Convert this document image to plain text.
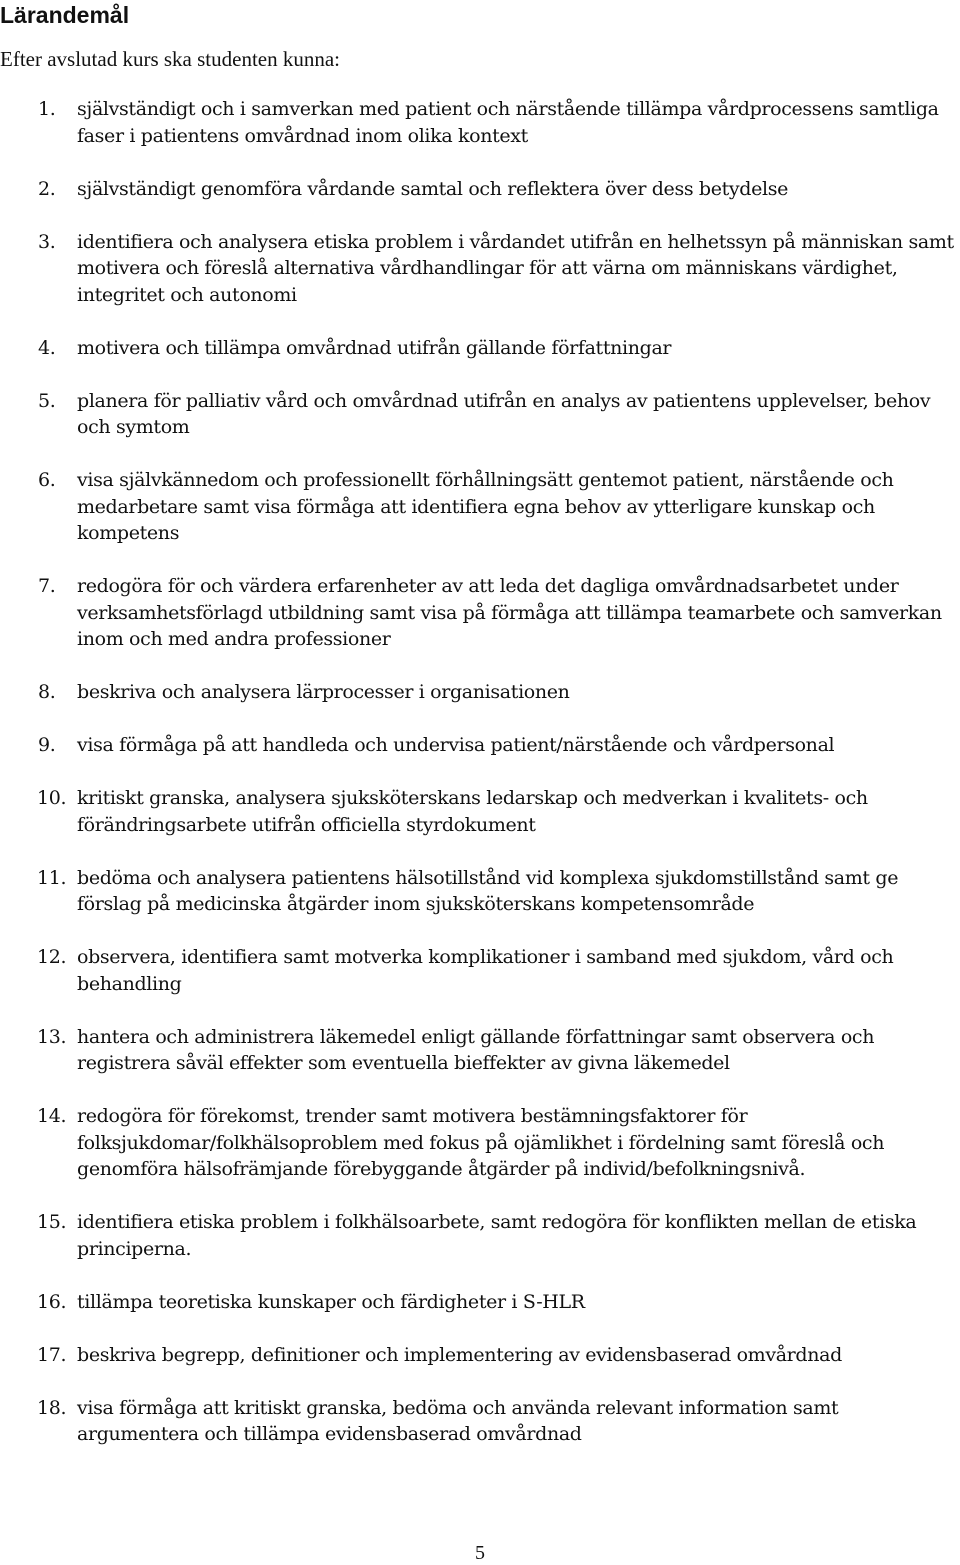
Lärandemål

Efter avslutad kurs ska studenten kunna:

1. självständigt och i samverkan med patient och närstående tillämpa vårdprocessens samtliga faser i patientens omvårdnad inom olika kontext
2. självständigt genomföra vårdande samtal och reflektera över dess betydelse
3. identifiera och analysera etiska problem i vårdandet utifrån en helhetssyn på människan samt motivera och föreslå alternativa vårdhandlingar för att värna om människans värdighet, integritet och autonomi
4. motivera och tillämpa omvårdnad utifrån gällande författningar
5. planera för palliativ vård och omvårdnad utifrån en analys av patientens upplevelser, behov och symtom
6. visa självkännedom och professionellt förhållningsätt gentemot patient, närstående och medarbetare samt visa förmåga att identifiera egna behov av ytterligare kunskap och kompetens
7. redogöra för och värdera erfarenheter av att leda det dagliga omvårdnadsarbetet under verksamhetsförlagd utbildning samt visa på förmåga att tillämpa teamarbete och samverkan inom och med andra professioner
8. beskriva och analysera lärprocesser i organisationen
9. visa förmåga på att handleda och undervisa patient/närstående och vårdpersonal
10. kritiskt granska, analysera sjuksköterskans ledarskap och medverkan i kvalitets- och förändringsarbete utifrån officiella styrdokument
11. bedöma och analysera patientens hälsotillstånd vid komplexa sjukdomstillstånd samt ge förslag på medicinska åtgärder inom sjuksköterskans kompetensområde
12. observera, identifiera samt motverka komplikationer i samband med sjukdom, vård och behandling
13. hantera och administrera läkemedel enligt gällande författningar samt observera och registrera såväl effekter som eventuella bieffekter av givna läkemedel
14. redogöra för förekomst, trender samt motivera bestämningsfaktorer för folksjukdomar/folkhälsoproblem med fokus på ojämlikhet i fördelning samt föreslå och genomföra hälsofrämjande förebyggande åtgärder på individ/befolkningsnivå.
15. identifiera etiska problem i folkhälsoarbete, samt redogöra för konflikten mellan de etiska principerna.
16. tillämpa teoretiska kunskaper och färdigheter i S-HLR
17. beskriva begrepp, definitioner och implementering av evidensbaserad omvårdnad
18. visa förmåga att kritiskt granska, bedöma och använda relevant information samt argumentera och tillämpa evidensbaserad omvårdnad
5
